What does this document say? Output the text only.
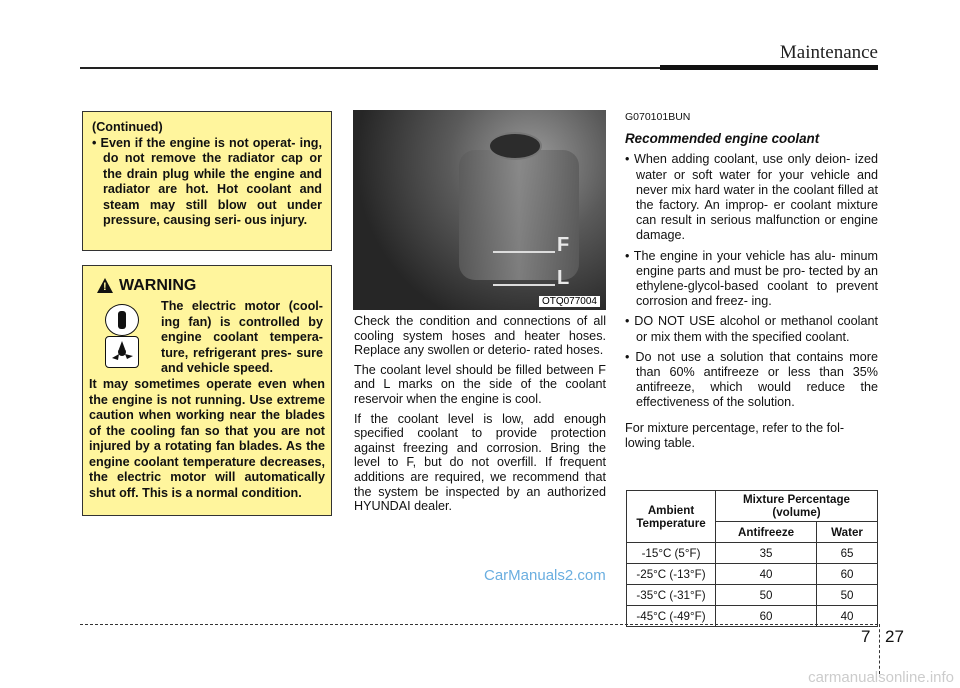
Maintenance
(Continued)
• Even if the engine is not operat- ing, do not remove the radiator cap or the drain plug while the engine and radiator are hot. Hot coolant and steam may still blow out under pressure, causing seri- ous injury.
!
WARNING
The electric motor (cool- ing fan) is controlled by engine coolant tempera- ture, refrigerant pres- sure and vehicle speed.
It may sometimes operate even when the engine is not running. Use extreme caution when working near the blades of the cooling fan so that you are not injured by a rotating fan blades. As the engine coolant temperature decreases, the electric motor will automatically shut off. This is a normal condition.
F
L
OTQ077004

Check the condition and connections of all cooling system hoses and heater hoses. Replace any swollen or deterio- rated hoses.

The coolant level should be filled between F and L marks on the side of the coolant reservoir when the engine is cool.

If the coolant level is low, add enough specified coolant to provide protection against freezing and corrosion. Bring the level to F, but do not overfill. If frequent additions are required, we recommend that the system be inspected by an authorized HYUNDAI dealer.

G070101BUN
Recommended engine coolant
• When adding coolant, use only deion- ized water or soft water for your vehicle and never mix hard water in the coolant filled at the factory. An improp- er coolant mixture can result in serious malfunction or engine damage.
• The engine in your vehicle has alu- minum engine parts and must be pro- tected by an ethylene-glycol-based coolant to prevent corrosion and freez- ing.
• DO NOT USE alcohol or methanol coolant or mix them with the specified coolant.
• Do not use a solution that contains more than 60% antifreeze or less than 35% antifreeze, which would reduce the effectiveness of the solution.
For mixture percentage, refer to the fol- lowing table.
Ambient Temperature	Mixture Percentage (volume)	
	Antifreeze	Water
-15°C (5°F)	35	65
-25°C (-13°F)	40	60
-35°C (-31°F)	50	50
-45°C (-49°F)	60	40
CarManuals2.com
7 27
carmanualsonline.info
